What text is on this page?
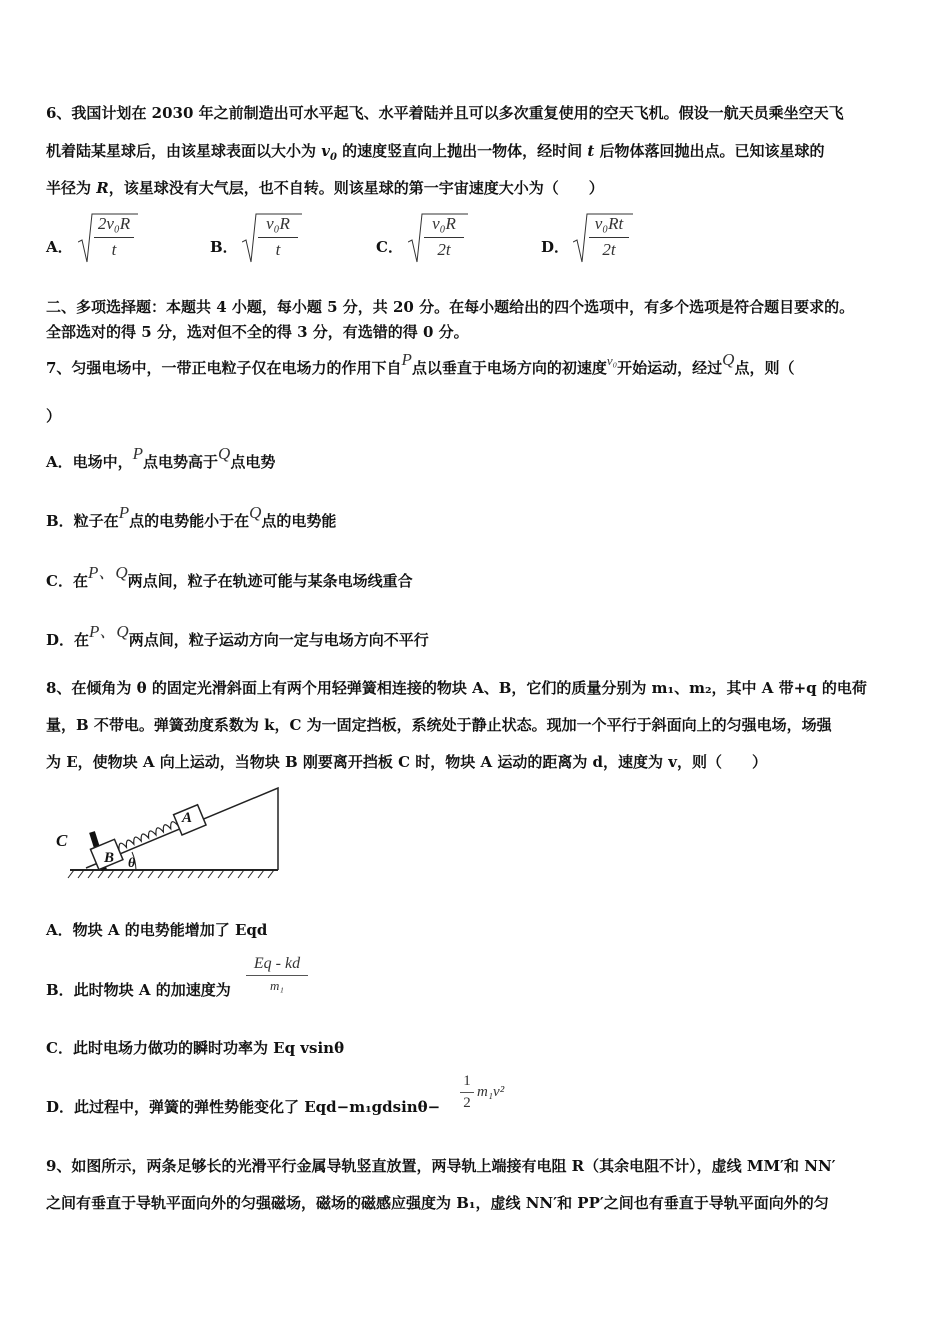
6、我国计划在 2030 年之前制造出可水平起飞、水平着陆并且可以多次重复使用的空天飞机。假设一航天员乘坐空天飞
机着陆某星球后，由该星球表面以大小为 $v_0$ 的速度竖直向上抛出一物体，经时间 t 后物体落回抛出点。已知该星球的
半径为 R，该星球没有大气层，也不自转。则该星球的第一宇宙速度大小为（　　）
A．
2v₀R
t	B．
v₀R
t	C．
v₀R
2t	D．
v₀Rt
2t
二、多项选择题：本题共 4 小题，每小题 5 分，共 20 分。在每小题给出的四个选项中，有多个选项是符合题目要求的。
全部选对的得 5 分，选对但不全的得 3 分，有选错的得 0 分。
7、匀强电场中，一带正电粒子仅在电场力的作用下自P点以垂直于电场方向的初速度v₀开始运动，经过Q点，则（
）
A．电场中，P点电势高于Q点电势
B．粒子在P点的电势能小于在Q点的电势能
C．在P、Q两点间，粒子在轨迹可能与某条电场线重合
D．在P、Q两点间，粒子运动方向一定与电场方向不平行
8、在倾角为 θ 的固定光滑斜面上有两个用轻弹簧相连接的物块 A、B，它们的质量分别为 m₁、m₂，其中 A 带+q 的电荷
量，B 不带电。弹簧劲度系数为 k，C 为一固定挡板，系统处于静止状态。现加一个平行于斜面向上的匀强电场，场强
为 E，使物块 A 向上运动，当物块 B 刚要离开挡板 C 时，物块 A 运动的距离为 d，速度为 v，则（　　）
C
B
A
θ
A．物块 A 的电势能增加了 Eqd
B．此时物块 A 的加速度为
Eq - kd
m₁
C．此时电场力做功的瞬时功率为 Eq vsinθ
D．此过程中，弹簧的弹性势能变化了 Eqd−m₁gdsinθ−
1
2
m₁v²
9、如图所示，两条足够长的光滑平行金属导轨竖直放置，两导轨上端接有电阻 R（其余电阻不计），虚线 MM′和 NN′
之间有垂直于导轨平面向外的匀强磁场，磁场的磁感应强度为 B₁，虚线 NN′和 PP′之间也有垂直于导轨平面向外的匀
